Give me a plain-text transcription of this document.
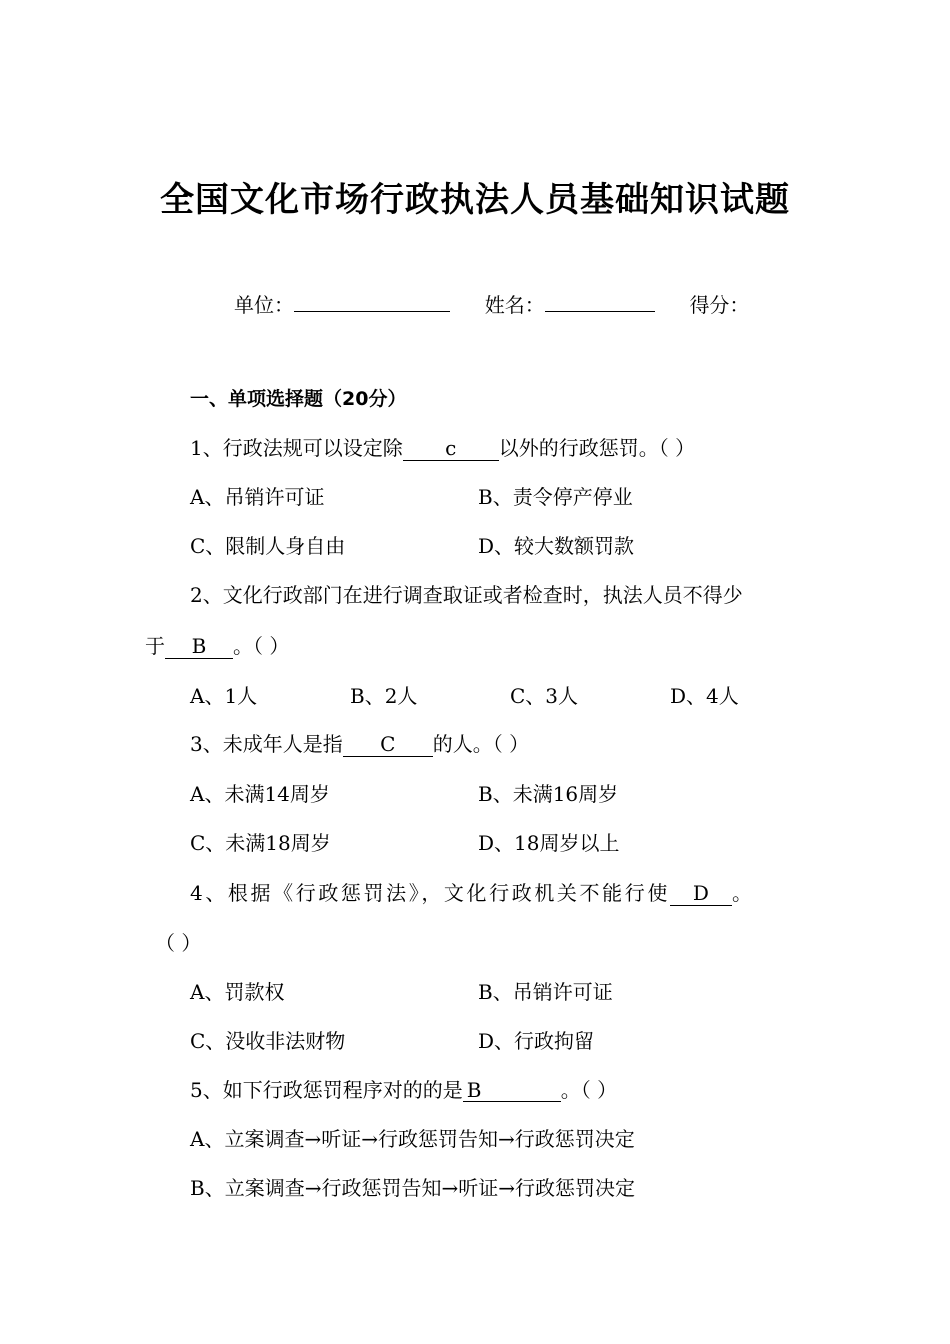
全国文化市场行政执法人员基础知识试题
单位：	姓名：	得分：
一、单项选择题（20分）
1、行政法规可以设定除 c 以外的行政惩罚。（ ）
A、吊销许可证	B、责令停产停业
C、限制人身自由	D、较大数额罚款
2、文化行政部门在进行调查取证或者检查时，执法人员不得少
于 B 。（ ）
A、1人	B、2人	C、3人	D、4人
3、未成年人是指 C 的人。（ ）
A、未满14周岁	B、未满16周岁
C、未满18周岁	D、18周岁以上
4、根据《行政惩罚法》，文化行政机关不能行使 D 。
（ ）
A、罚款权	B、吊销许可证
C、没收非法财物	D、行政拘留
5、如下行政惩罚程序对的的是 B	。（ ）
A、立案调查→听证→行政惩罚告知→行政惩罚决定
B、立案调查→行政惩罚告知→听证→行政惩罚决定
